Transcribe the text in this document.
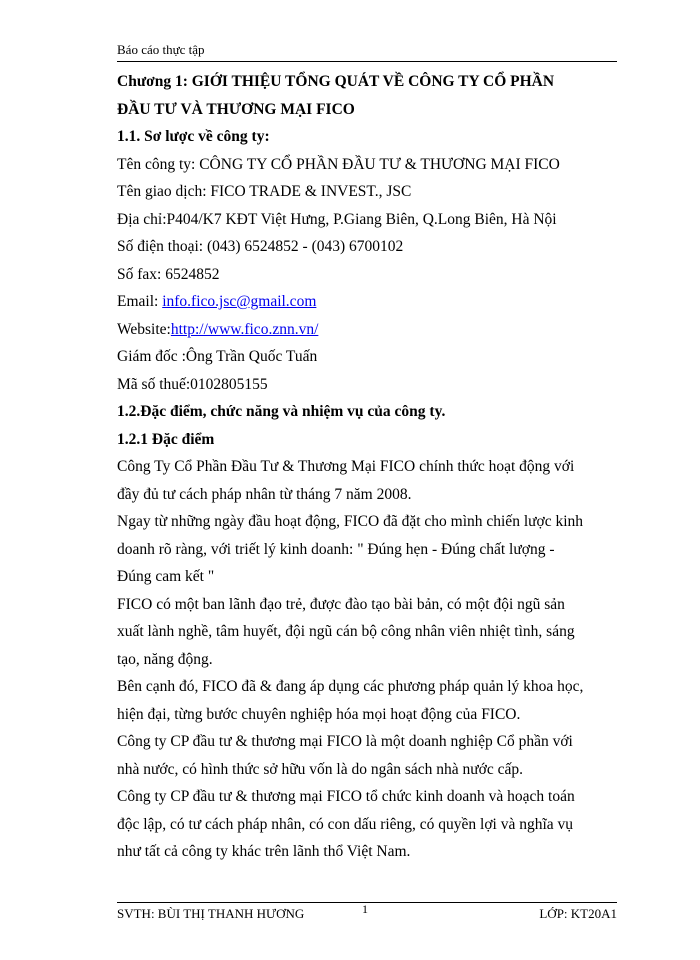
Báo cáo thực tập
Chương 1: GIỚI THIỆU TỔNG QUÁT VỀ CÔNG TY CỔ PHẦN
ĐẦU TƯ VÀ THƯƠNG MẠI FICO
1.1. Sơ lược về công ty:
Tên công ty: CÔNG TY CỔ PHẦN ĐẦU TƯ & THƯƠNG MẠI FICO
Tên giao dịch: FICO TRADE & INVEST., JSC
Địa chỉ:P404/K7 KĐT Việt Hưng, P.Giang Biên, Q.Long Biên, Hà Nội
Số điện thoại: (043) 6524852 - (043) 6700102
Số fax: 6524852
Email: info.fico.jsc@gmail.com
Website:http://www.fico.znn.vn/
Giám đốc :Ông Trần Quốc Tuấn
Mã số thuế:0102805155
1.2.Đặc điểm, chức năng và nhiệm vụ của công ty.
1.2.1 Đặc điểm
Công Ty Cổ Phần Đầu Tư & Thương Mại FICO chính thức hoạt động với
đầy đủ tư cách pháp nhân từ tháng 7 năm 2008.
Ngay từ những ngày đầu hoạt động, FICO đã đặt cho mình chiến lược kinh
doanh rõ ràng, với triết lý kinh doanh: " Đúng hẹn - Đúng chất lượng -
Đúng cam kết "
FICO có một ban lãnh đạo trẻ, được đào tạo bài bản, có một đội ngũ sản
xuất lành nghề, tâm huyết, đội ngũ cán bộ công nhân viên nhiệt tình, sáng
tạo, năng động.
Bên cạnh đó, FICO đã & đang áp dụng các phương pháp quản lý khoa học,
hiện đại, từng bước chuyên nghiệp hóa mọi hoạt động của FICO.
Công ty CP đầu tư & thương mại FICO là một doanh nghiệp Cổ phần với
nhà nước, có hình thức sở hữu vốn là do ngân sách nhà nước cấp.
Công ty CP đầu tư & thương mại FICO tổ chức kinh doanh và hoạch toán
độc lập, có tư cách pháp nhân, có con dấu riêng, có quyền lợi và nghĩa vụ
như tất cả công ty khác trên lãnh thổ Việt Nam.
SVTH: BÙI THỊ THANH HƯƠNG	1	LỚP: KT20A1
